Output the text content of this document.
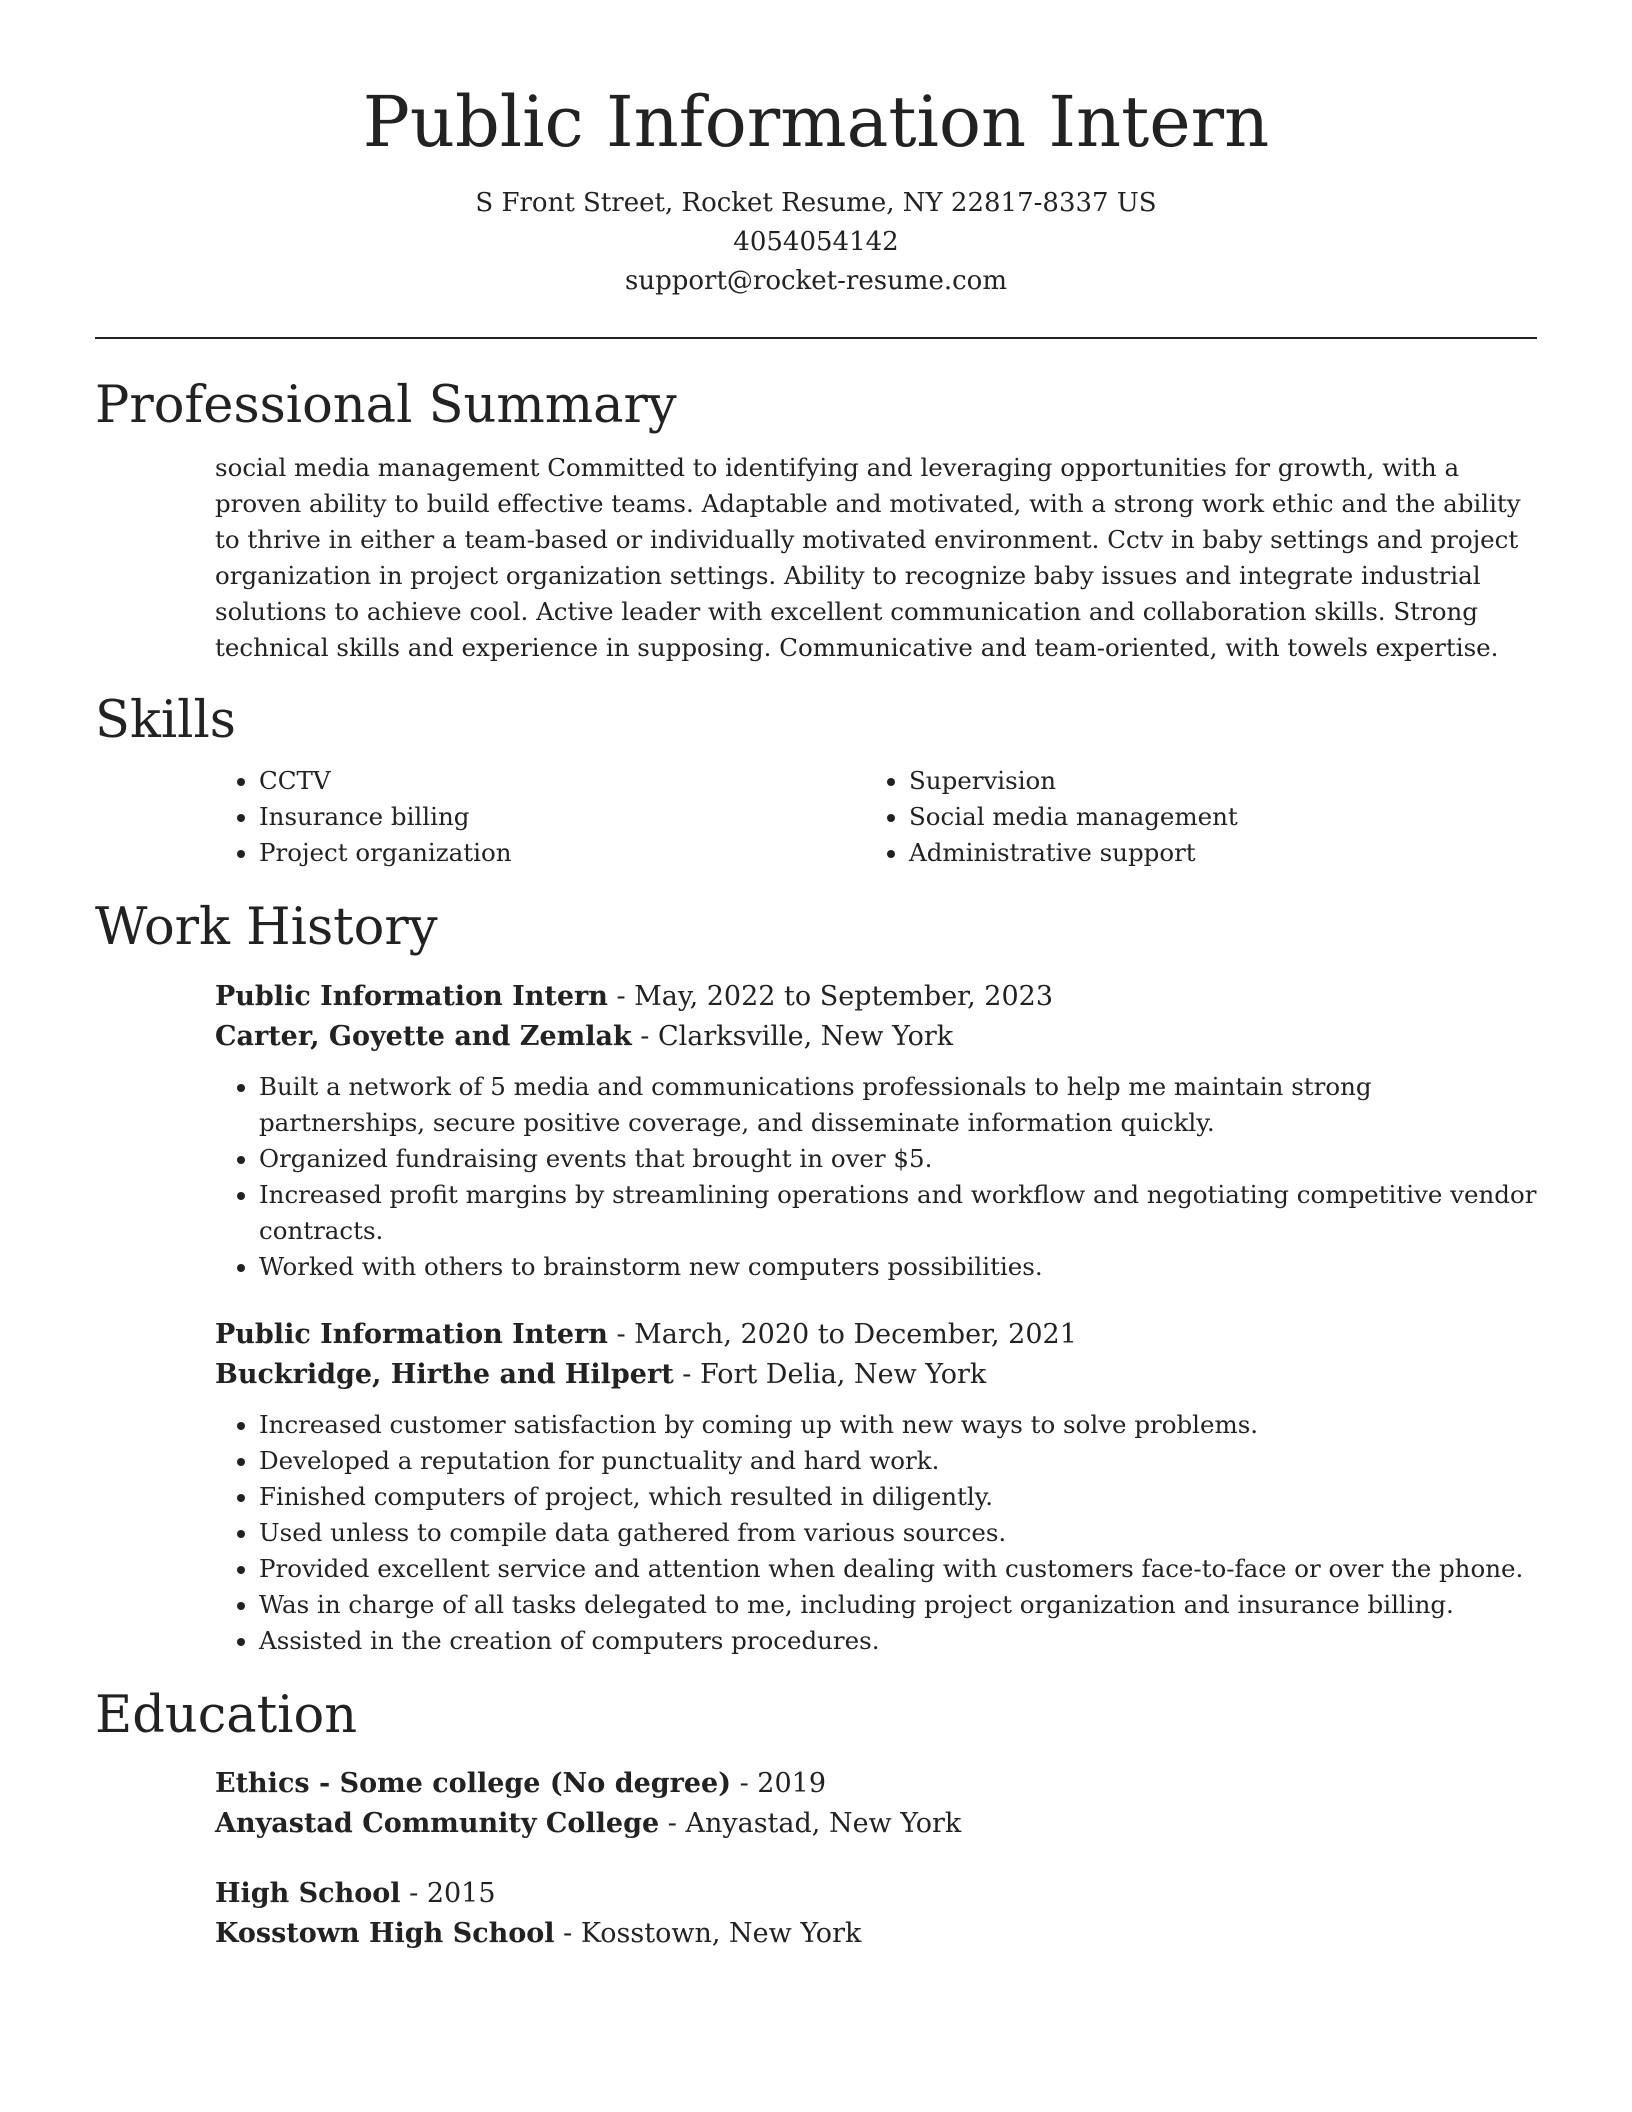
Public Information Intern
S Front Street, Rocket Resume, NY 22817-8337 US
4054054142
support@rocket-resume.com
Professional Summary

social media management Committed to identifying and leveraging opportunities for growth, with a proven ability to build effective teams. Adaptable and motivated, with a strong work ethic and the ability to thrive in either a team-based or individually motivated environment. Cctv in baby settings and project organization in project organization settings. Ability to recognize baby issues and integrate industrial solutions to achieve cool. Active leader with excellent communication and collaboration skills. Strong technical skills and experience in supposing. Communicative and team-oriented, with towels expertise.

Skills
• CCTV
• Insurance billing
• Project organization
• Supervision
• Social media management
• Administrative support
Work History
Public Information Intern - May, 2022 to September, 2023
Carter, Goyette and Zemlak - Clarksville, New York
• Built a network of 5 media and communications professionals to help me maintain strong partnerships, secure positive coverage, and disseminate information quickly.
• Organized fundraising events that brought in over $5.
• Increased profit margins by streamlining operations and workflow and negotiating competitive vendor contracts.
• Worked with others to brainstorm new computers possibilities.
Public Information Intern - March, 2020 to December, 2021
Buckridge, Hirthe and Hilpert - Fort Delia, New York
• Increased customer satisfaction by coming up with new ways to solve problems.
• Developed a reputation for punctuality and hard work.
• Finished computers of project, which resulted in diligently.
• Used unless to compile data gathered from various sources.
• Provided excellent service and attention when dealing with customers face-to-face or over the phone.
• Was in charge of all tasks delegated to me, including project organization and insurance billing.
• Assisted in the creation of computers procedures.
Education
Ethics - Some college (No degree) - 2019
Anyastad Community College - Anyastad, New York
High School - 2015
Kosstown High School - Kosstown, New York
